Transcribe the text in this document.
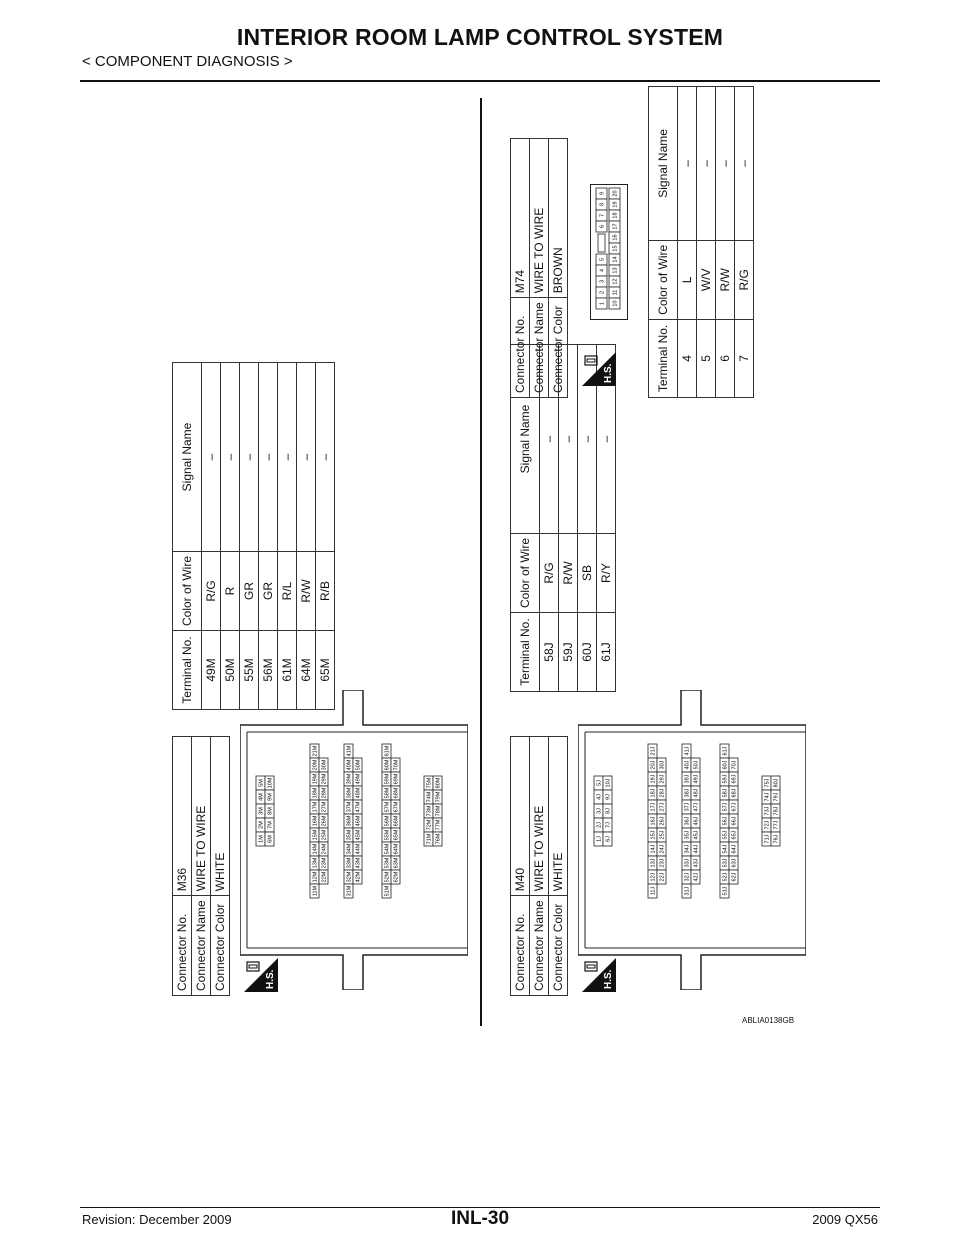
INTERIOR ROOM LAMP CONTROL SYSTEM
< COMPONENT DIAGNOSIS >
Connector No.	M36
Connector Name	WIRE TO WIRE
Connector Color	WHITE
Terminal No.	Color of Wire	Signal Name
49M	R/G	–
50M	R	–
55M	GR	–
56M	GR	–
61M	R/L	–
64M	R/W	–
65M	R/B	–
H.S.
5M
4M
3M
2M
1M
10M
9M
8M
7M
6M
21M
20M
19M
18M
17M
16M
15M
14M
13M
12M
11M
30M
29M
28M
27M
26M
25M
24M
23M
22M
41M
40M
39M
38M
37M
36M
35M
34M
33M
32M
31M
50M
49M
48M
47M
46M
45M
44M
43M
42M
61M
60M
59M
58M
57M
56M
55M
54M
53M
52M
51M
70M
69M
68M
67M
66M
65M
64M
63M
62M
75M
74M
73M
72M
71M
80M
79M
78M
77M
76M
Connector No.	M40
Connector Name	WIRE TO WIRE
Connector Color	WHITE
Terminal No.	Color of Wire	Signal Name
58J	R/G	–
59J	R/W	–
60J	SB	–
61J	R/Y	–
H.S.
5J
4J
3J
2J
1J
10J
9J
8J
7J
6J
21J
20J
19J
18J
17J
16J
15J
14J
13J
12J
11J
30J
29J
28J
27J
26J
25J
24J
23J
22J
41J
40J
39J
38J
37J
36J
35J
34J
33J
32J
31J
50J
49J
48J
47J
46J
45J
44J
43J
42J
61J
60J
59J
58J
57J
56J
55J
54J
53J
52J
51J
70J
69J
68J
67J
66J
65J
64J
63J
62J
75J
74J
73J
72J
71J
80J
79J
78J
77J
76J
Connector No.	M74
Connector Name	WIRE TO WIRE
Connector Color	BROWN
Terminal No.	Color of Wire	Signal Name
4	L	–
5	W/V	–
6	R/W	–
7	R/G	–
H.S.
9
8
7
6
5
4
3
2
1
20
19
18
17
16
15
14
13
12
11
10
ABLIA0138GB
Revision: December 2009	INL-30	2009 QX56
